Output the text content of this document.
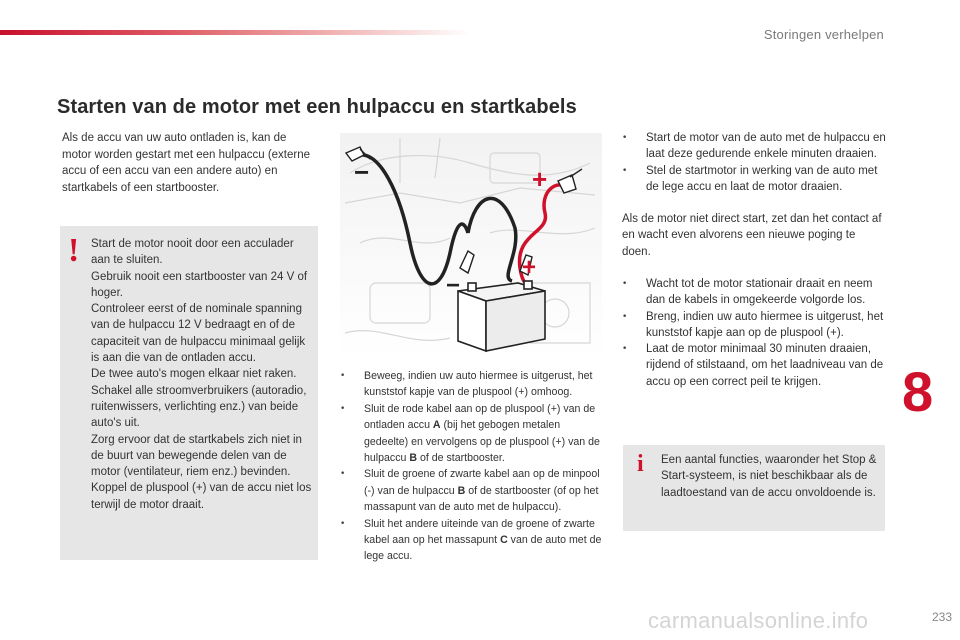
Storingen verhelpen
Starten van de motor met een hulpaccu en startkabels
Als de accu van uw auto ontladen is, kan de motor worden gestart met een hulpaccu (externe accu of een accu van een andere auto) en startkabels of een startbooster.
!	Start de motor nooit door een acculader aan te sluiten.

Gebruik nooit een startbooster van 24 V of hoger.

Controleer eerst of de nominale spanning van de hulpaccu 12 V bedraagt en of de capaciteit van de hulpaccu minimaal gelijk is aan die van de ontladen accu.

De twee auto's mogen elkaar niet raken.

Schakel alle stroomverbruikers (autoradio, ruitenwissers, verlichting enz.) van beide auto's uit.

Zorg ervoor dat de startkabels zich niet in de buurt van bewegende delen van de motor (ventilateur, riem enz.) bevinden.

Koppel de pluspool (+) van de accu niet los terwijl de motor draait.

+
+
−
−
• Beweeg, indien uw auto hiermee is uitgerust, het kunststof kapje van de pluspool (+) omhoog.
• Sluit de rode kabel aan op de pluspool (+) van de ontladen accu A (bij het gebogen metalen gedeelte) en vervolgens op de pluspool (+) van de hulpaccu B of de startbooster.
• Sluit de groene of zwarte kabel aan op de minpool (-) van de hulpaccu B of de startbooster (of op het massapunt van de auto met de hulpaccu).
• Sluit het andere uiteinde van de groene of zwarte kabel aan op het massapunt C van de auto met de lege accu.
• Start de motor van de auto met de hulpaccu en laat deze gedurende enkele minuten draaien.
• Stel de startmotor in werking van de auto met de lege accu en laat de motor draaien.
Als de motor niet direct start, zet dan het contact af en wacht even alvorens een nieuwe poging te doen.
• Wacht tot de motor stationair draait en neem dan de kabels in omgekeerde volgorde los.
• Breng, indien uw auto hiermee is uitgerust, het kunststof kapje aan op de pluspool (+).
• Laat de motor minimaal 30 minuten draaien, rijdend of stilstaand, om het laadniveau van de accu op een correct peil te krijgen.
i Een aantal functies, waaronder het Stop & Start-systeem, is niet beschikbaar als de laadtoestand van de accu onvoldoende is.
8
carmanualsonline.info	233
